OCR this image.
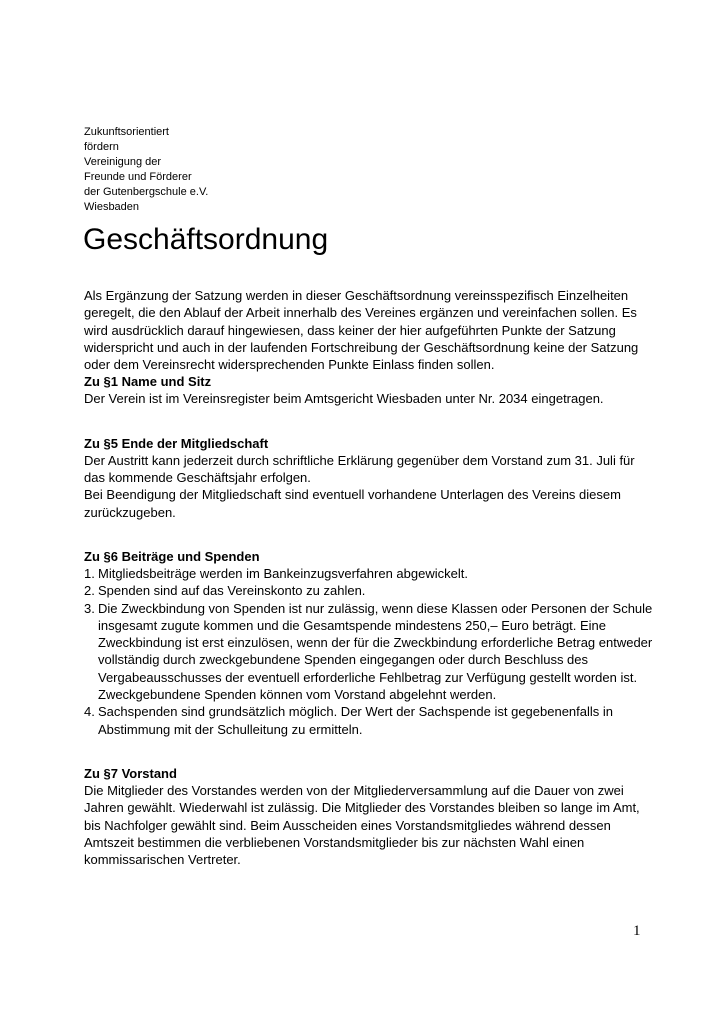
Zukunftsorientiert
fördern
Vereinigung der
Freunde und Förderer
der Gutenbergschule e.V.
Wiesbaden
Geschäftsordnung

Als Ergänzung der Satzung werden in dieser Geschäftsordnung vereinsspezifisch Einzelheiten geregelt, die den Ablauf der Arbeit innerhalb des Vereines ergänzen und vereinfachen sollen. Es wird ausdrücklich darauf hingewiesen, dass keiner der hier aufgeführten Punkte der Satzung widerspricht und auch in der laufenden Fortschreibung der Geschäftsordnung keine der Satzung oder dem Vereinsrecht widersprechenden Punkte Einlass finden sollen.

Zu §1 Name und Sitz

Der Verein ist im Vereinsregister beim Amtsgericht Wiesbaden unter Nr. 2034 eingetragen.

Zu §5 Ende der Mitgliedschaft

Der Austritt kann jederzeit durch schriftliche Erklärung gegenüber dem Vorstand zum 31. Juli für das kommende Geschäftsjahr erfolgen.

Bei Beendigung der Mitgliedschaft sind eventuell vorhandene Unterlagen des Vereins diesem zurückzugeben.

Zu §6 Beiträge und Spenden

1. Mitgliedsbeiträge werden im Bankeinzugsverfahren abgewickelt.
2. Spenden sind auf das Vereinskonto zu zahlen.
3. Die Zweckbindung von Spenden ist nur zulässig, wenn diese Klassen oder Personen der Schule insgesamt zugute kommen und die Gesamtspende mindestens 250,– Euro beträgt. Eine Zweckbindung ist erst einzulösen, wenn der für die Zweckbindung erforderliche Betrag entweder vollständig durch zweckgebundene Spenden eingegangen oder durch Beschluss des Vergabeausschusses der eventuell erforderliche Fehlbetrag zur Verfügung gestellt worden ist.
Zweckgebundene Spenden können vom Vorstand abgelehnt werden.
4. Sachspenden sind grundsätzlich möglich. Der Wert der Sachspende ist gegebenenfalls in Abstimmung mit der Schulleitung zu ermitteln.

Zu §7 Vorstand

Die Mitglieder des Vorstandes werden von der Mitgliederversammlung auf die Dauer von zwei Jahren gewählt. Wiederwahl ist zulässig. Die Mitglieder des Vorstandes bleiben so lange im Amt, bis Nachfolger gewählt sind. Beim Ausscheiden eines Vorstandsmitgliedes während dessen Amtszeit bestimmen die verbliebenen Vorstandsmitglieder bis zur nächsten Wahl einen kommissarischen Vertreter.

1
